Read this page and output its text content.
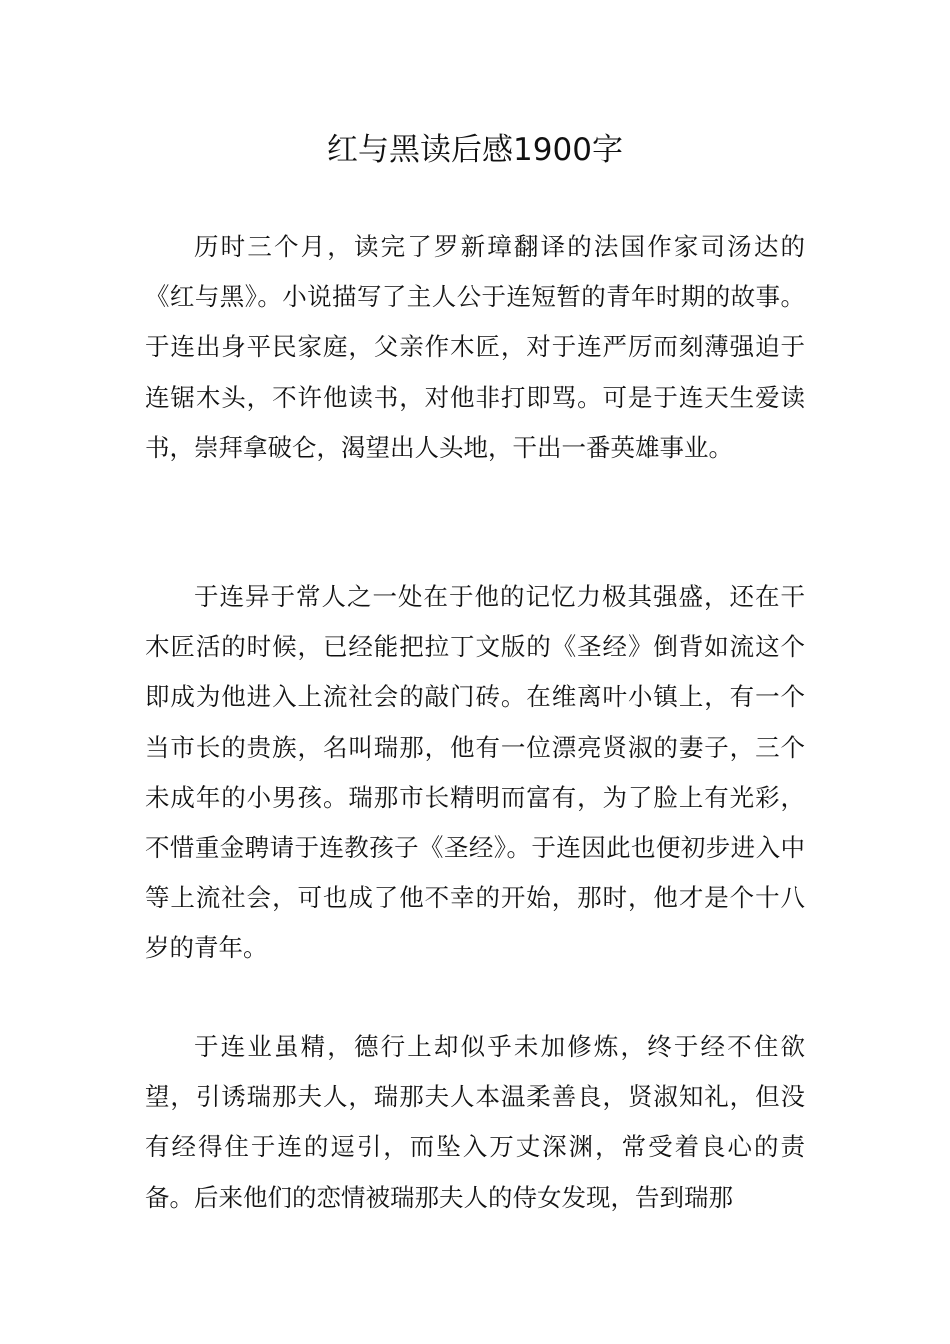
红与黑读后感1900字

历时三个月，读完了罗新璋翻译的法国作家司汤达的《红与黑》。小说描写了主人公于连短暂的青年时期的故事。于连出身平民家庭，父亲作木匠，对于连严厉而刻薄强迫于连锯木头，不许他读书，对他非打即骂。可是于连天生爱读书，崇拜拿破仑，渴望出人头地，干出一番英雄事业。

于连异于常人之一处在于他的记忆力极其强盛，还在干木匠活的时候，已经能把拉丁文版的《圣经》倒背如流这个即成为他进入上流社会的敲门砖。在维离叶小镇上，有一个当市长的贵族，名叫瑞那，他有一位漂亮贤淑的妻子，三个未成年的小男孩。瑞那市长精明而富有，为了脸上有光彩，不惜重金聘请于连教孩子《圣经》。于连因此也便初步进入中等上流社会，可也成了他不幸的开始，那时，他才是个十八岁的青年。

于连业虽精，德行上却似乎未加修炼，终于经不住欲望，引诱瑞那夫人，瑞那夫人本温柔善良，贤淑知礼，但没有经得住于连的逗引，而坠入万丈深渊，常受着良心的责备。后来他们的恋情被瑞那夫人的侍女发现，告到瑞那
